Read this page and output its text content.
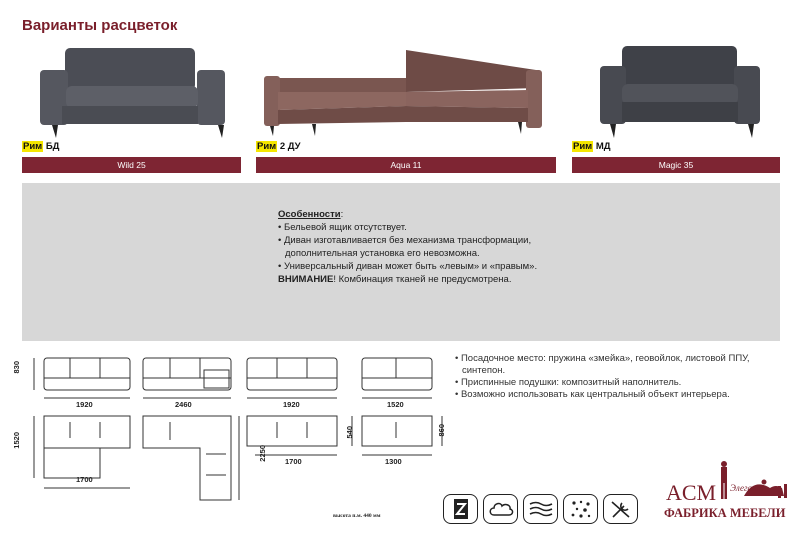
Варианты расцветок
Рим БД
Wild 25
Рим 2 ДУ
Aqua 11
Рим МД
Magic 35

Особенности:

• Бельевой ящик отсутствует.

• Диван изготавливается без механизма трансформации,

дополнительная установка его невозможна.

• Универсальный диван может быть «левым» и «правым».

ВНИМАНИЕ! Комбинация тканей не предусмотрена.

830
1920	2460	1920	1520
1520
1700
2250 1700
540	860
1300
высота п.м. 440 мм

• Посадочное место: пружина «змейка», геовойлок, листовой ППУ,

синтепон.

• Приспинные подушки: композитный наполнитель.

• Возможно использовать как центральный объект интерьера.

ACM Элегант
ФАБРИКА МЕБЕЛИ
